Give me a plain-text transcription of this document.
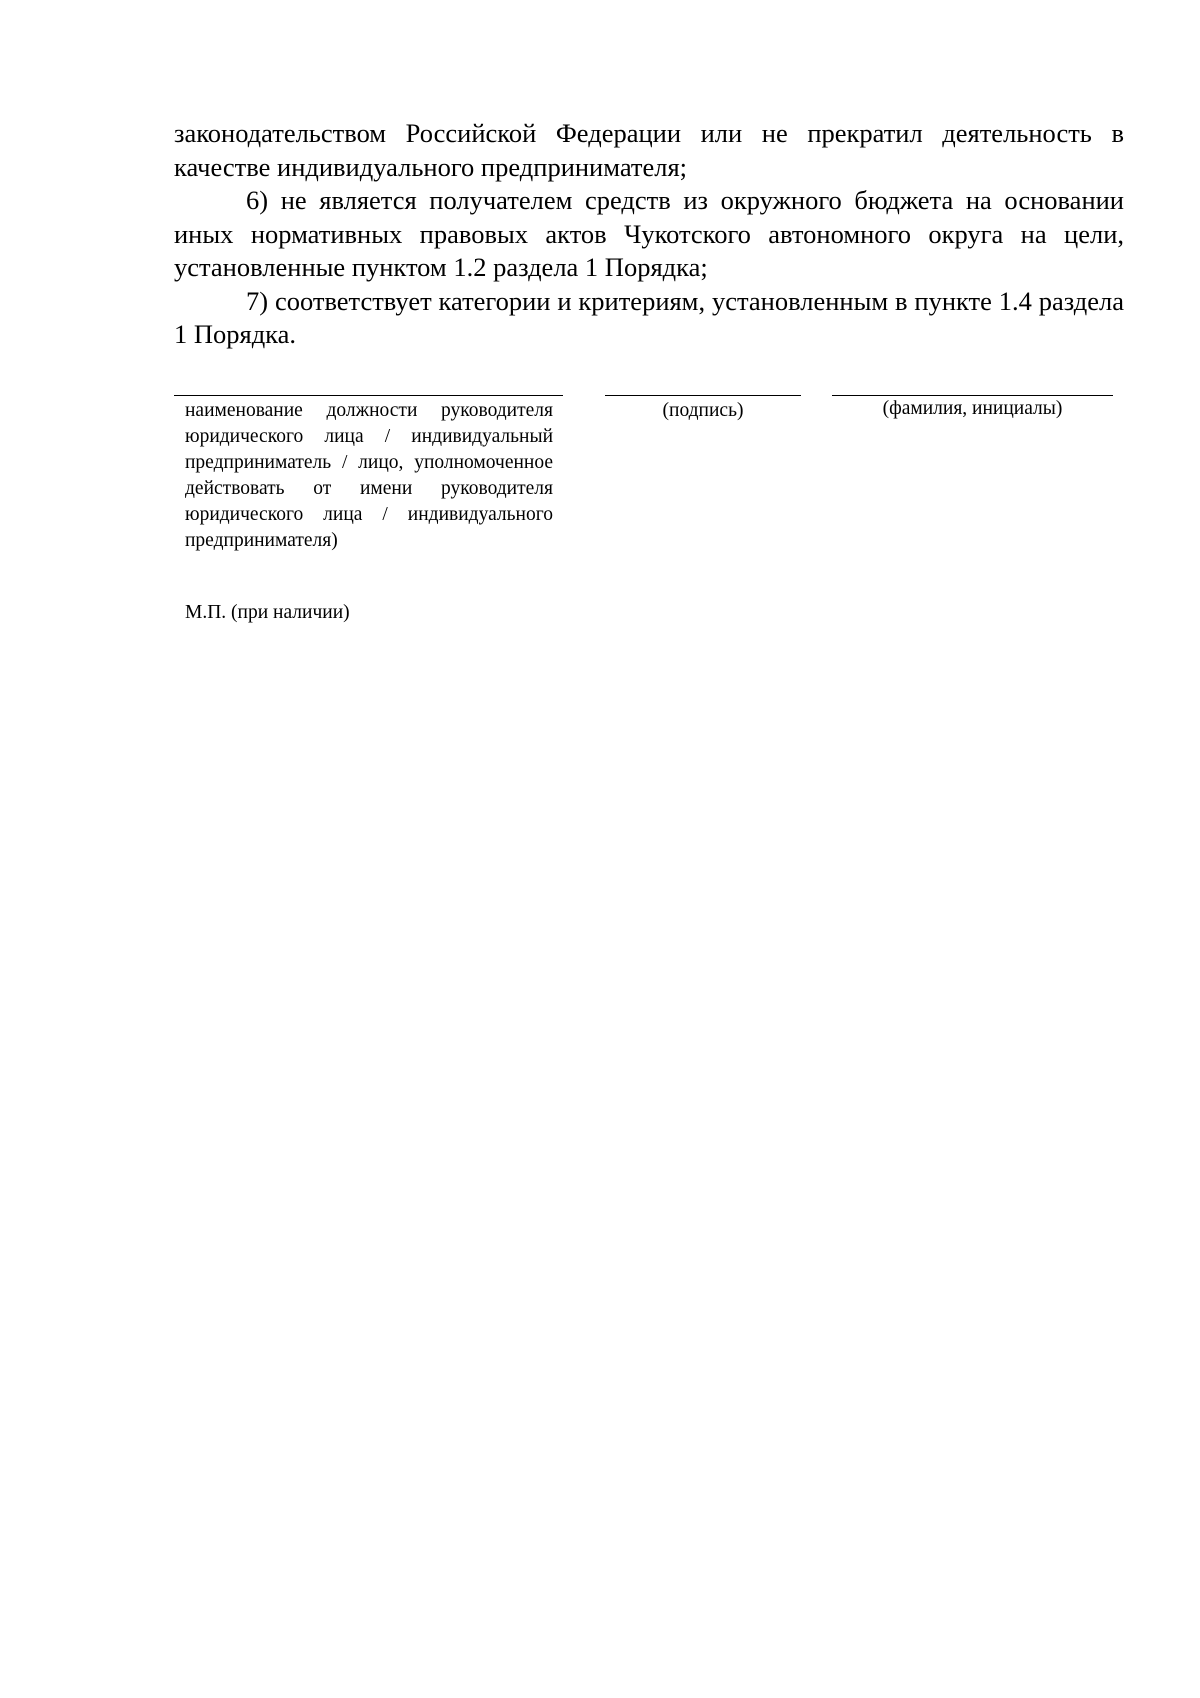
законодательством Российской Федерации или не прекратил деятельность в качестве индивидуального предпринимателя;

6) не является получателем средств из окружного бюджета на основании иных нормативных правовых актов Чукотского автономного округа на цели, установленные пунктом 1.2 раздела 1 Порядка;

7) соответствует категории и критериям, установленным в пункте 1.4 раздела 1 Порядка.

наименование должности руководителя юридического лица / индивидуальный предприниматель / лицо, уполномоченное действовать от имени руководителя юридического лица / индивидуального предпринимателя)
(подпись)	(фамилия, инициалы)
М.П. (при наличии)
